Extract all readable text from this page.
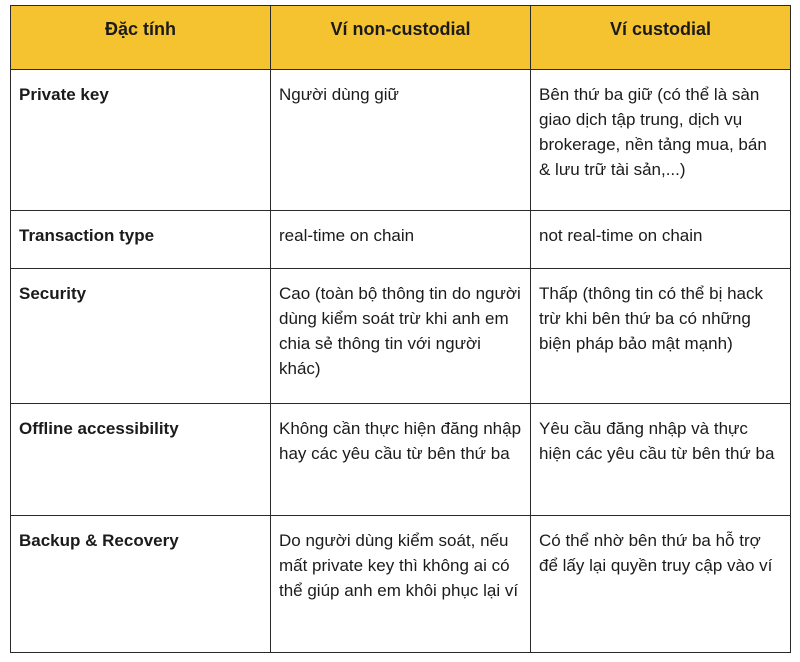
Đặc tính	Ví non-custodial	Ví custodial
Private key	Người dùng giữ	Bên thứ ba giữ (có thể là sàn giao dịch tập trung, dịch vụ brokerage, nền tảng mua, bán & lưu trữ tài sản,...)
Transaction type	real-time on chain	not real-time on chain
Security	Cao (toàn bộ thông tin do người dùng kiểm soát trừ khi anh em chia sẻ thông tin với người khác)	Thấp (thông tin có thể bị hack trừ khi bên thứ ba có những biện pháp bảo mật mạnh)
Offline accessibility	Không cần thực hiện đăng nhập hay các yêu cầu từ bên thứ ba	Yêu cầu đăng nhập và thực hiện các yêu cầu từ bên thứ ba
Backup & Recovery	Do người dùng kiểm soát, nếu mất private key thì không ai có thể giúp anh em khôi phục lại ví	Có thể nhờ bên thứ ba hỗ trợ để lấy lại quyền truy cập vào ví
